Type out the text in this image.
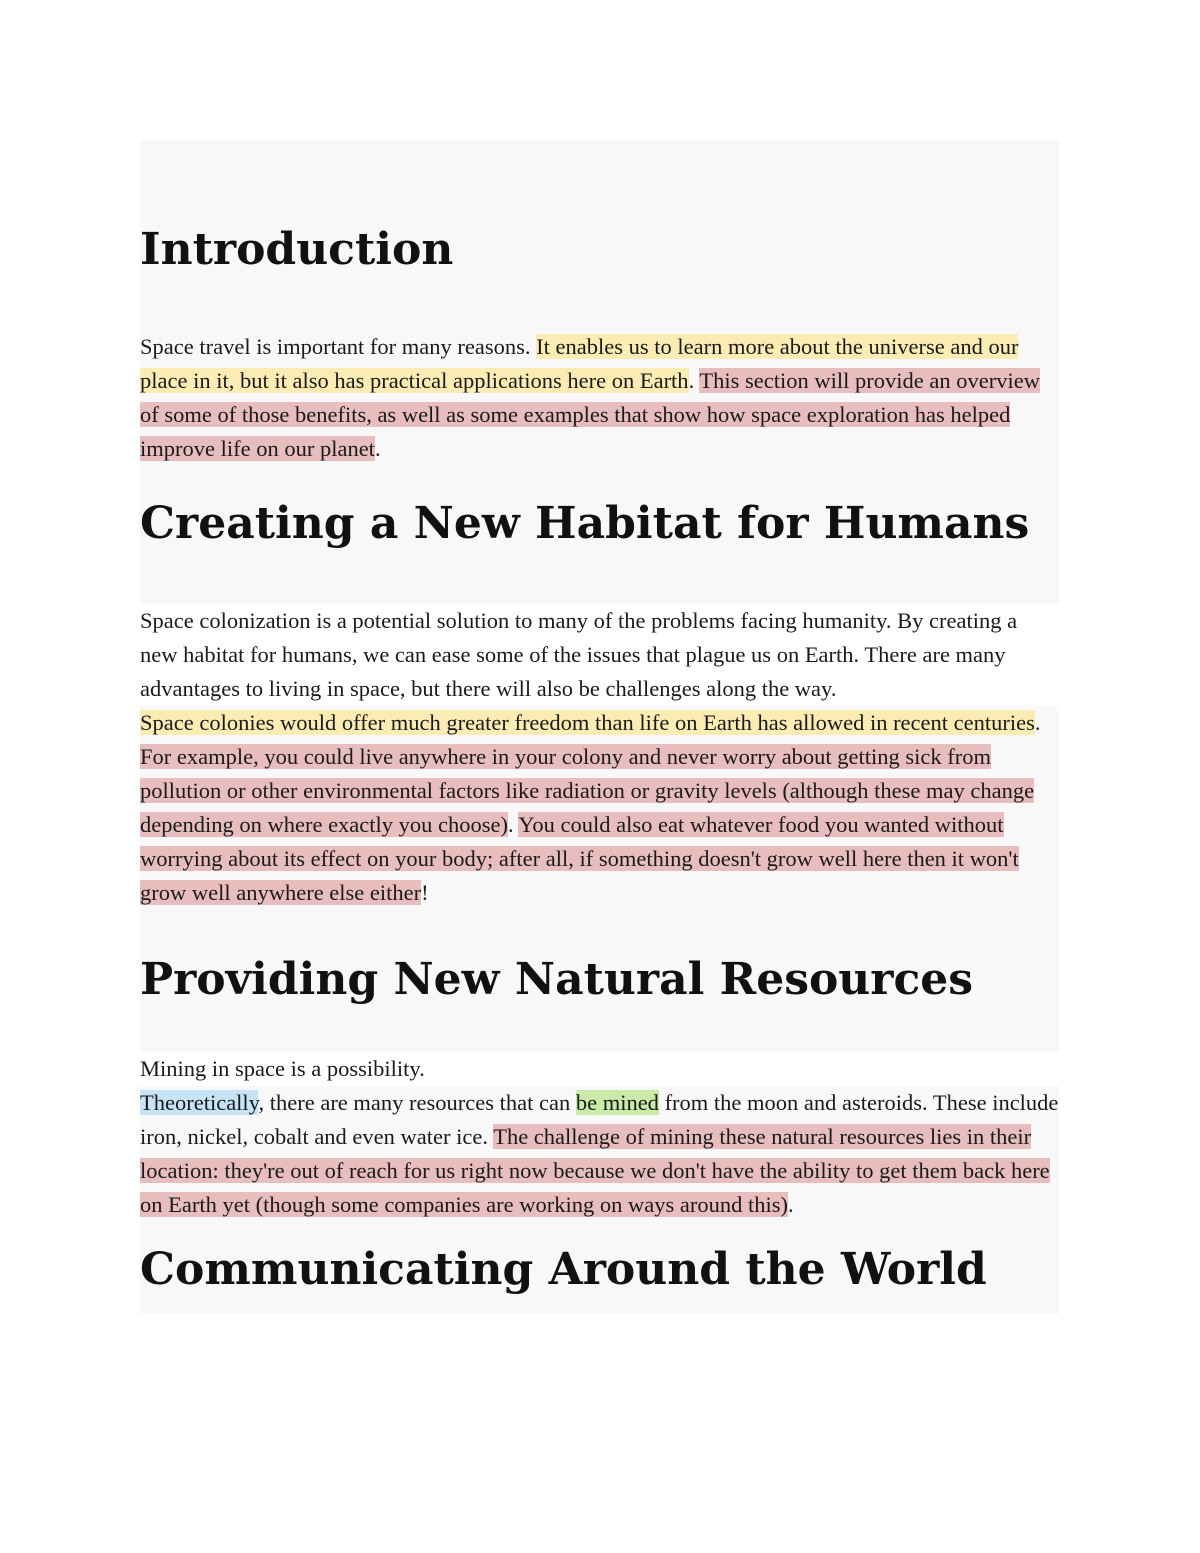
Introduction

Space travel is important for many reasons. It enables us to learn more about the universe and our place in it, but it also has practical applications here on Earth. This section will provide an overview of some of those benefits, as well as some examples that show how space exploration has helped improve life on our planet.

Creating a New Habitat for Humans

Space colonization is a potential solution to many of the problems facing humanity. By creating a new habitat for humans, we can ease some of the issues that plague us on Earth. There are many advantages to living in space, but there will also be challenges along the way.

Space colonies would offer much greater freedom than life on Earth has allowed in recent centuries. For example, you could live anywhere in your colony and never worry about getting sick from pollution or other environmental factors like radiation or gravity levels (although these may change depending on where exactly you choose). You could also eat whatever food you wanted without worrying about its effect on your body; after all, if something doesn't grow well here then it won't grow well anywhere else either!

Providing New Natural Resources

Mining in space is a possibility.

Theoretically, there are many resources that can be mined from the moon and asteroids. These include iron, nickel, cobalt and even water ice. The challenge of mining these natural resources lies in their location: they're out of reach for us right now because we don't have the ability to get them back here on Earth yet (though some companies are working on ways around this).

Communicating Around the World
